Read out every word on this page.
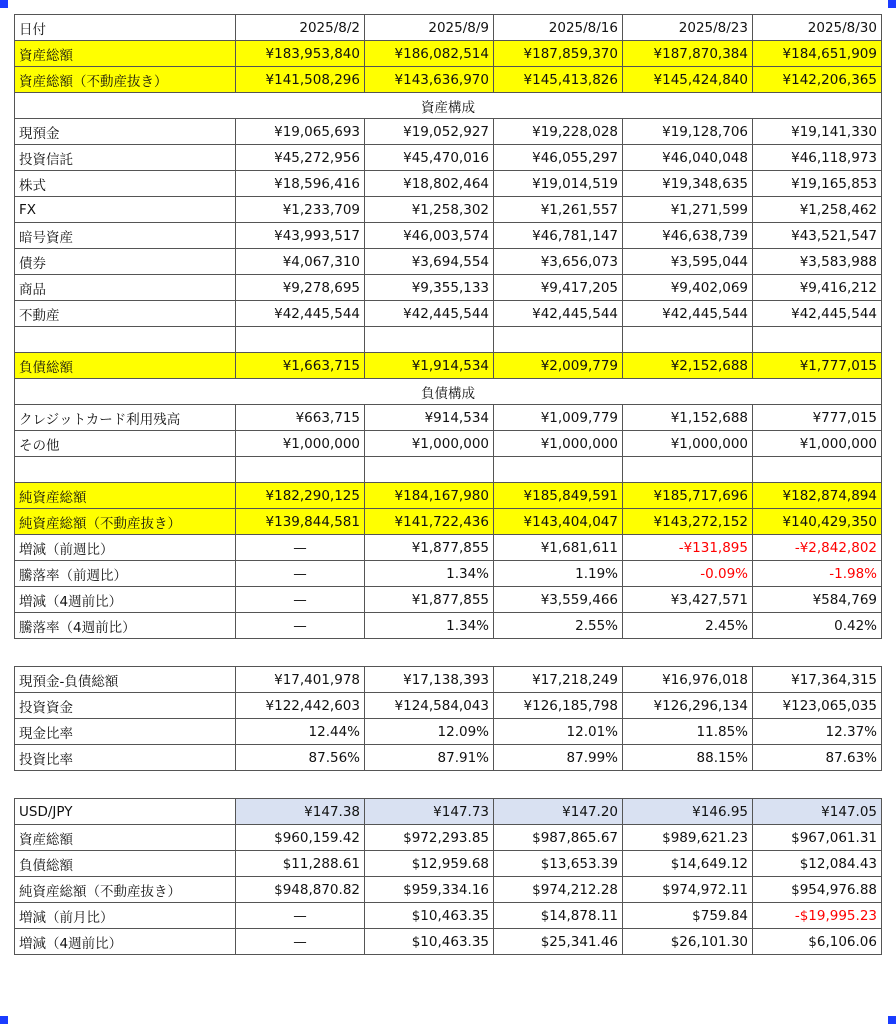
日付	2025/8/2	2025/8/9	2025/8/16	2025/8/23	2025/8/30
資産総額	¥183,953,840	¥186,082,514	¥187,859,370	¥187,870,384	¥184,651,909
資産総額（不動産抜き）	¥141,508,296	¥143,636,970	¥145,413,826	¥145,424,840	¥142,206,365
資産構成					
現預金	¥19,065,693	¥19,052,927	¥19,228,028	¥19,128,706	¥19,141,330
投資信託	¥45,272,956	¥45,470,016	¥46,055,297	¥46,040,048	¥46,118,973
株式	¥18,596,416	¥18,802,464	¥19,014,519	¥19,348,635	¥19,165,853
FX	¥1,233,709	¥1,258,302	¥1,261,557	¥1,271,599	¥1,258,462
暗号資産	¥43,993,517	¥46,003,574	¥46,781,147	¥46,638,739	¥43,521,547
債券	¥4,067,310	¥3,694,554	¥3,656,073	¥3,595,044	¥3,583,988
商品	¥9,278,695	¥9,355,133	¥9,417,205	¥9,402,069	¥9,416,212
不動産	¥42,445,544	¥42,445,544	¥42,445,544	¥42,445,544	¥42,445,544

負債総額	¥1,663,715	¥1,914,534	¥2,009,779	¥2,152,688	¥1,777,015
負債構成					
クレジットカード利用残高	¥663,715	¥914,534	¥1,009,779	¥1,152,688	¥777,015
その他	¥1,000,000	¥1,000,000	¥1,000,000	¥1,000,000	¥1,000,000

純資産総額	¥182,290,125	¥184,167,980	¥185,849,591	¥185,717,696	¥182,874,894
純資産総額（不動産抜き）	¥139,844,581	¥141,722,436	¥143,404,047	¥143,272,152	¥140,429,350
増減（前週比）	—	¥1,877,855	¥1,681,611	-¥131,895	-¥2,842,802
騰落率（前週比）	—	1.34%	1.19%	-0.09%	-1.98%
増減（4週前比）	—	¥1,877,855	¥3,559,466	¥3,427,571	¥584,769
騰落率（4週前比）	—	1.34%	2.55%	2.45%	0.42%
現預金-負債総額	¥17,401,978	¥17,138,393	¥17,218,249	¥16,976,018	¥17,364,315
投資資金	¥122,442,603	¥124,584,043	¥126,185,798	¥126,296,134	¥123,065,035
現金比率	12.44%	12.09%	12.01%	11.85%	12.37%
投資比率	87.56%	87.91%	87.99%	88.15%	87.63%
USD/JPY	¥147.38	¥147.73	¥147.20	¥146.95	¥147.05
資産総額	$960,159.42	$972,293.85	$987,865.67	$989,621.23	$967,061.31
負債総額	$11,288.61	$12,959.68	$13,653.39	$14,649.12	$12,084.43
純資産総額（不動産抜き）	$948,870.82	$959,334.16	$974,212.28	$974,972.11	$954,976.88
増減（前月比）	—	$10,463.35	$14,878.11	$759.84	-$19,995.23
増減（4週前比）	—	$10,463.35	$25,341.46	$26,101.30	$6,106.06
